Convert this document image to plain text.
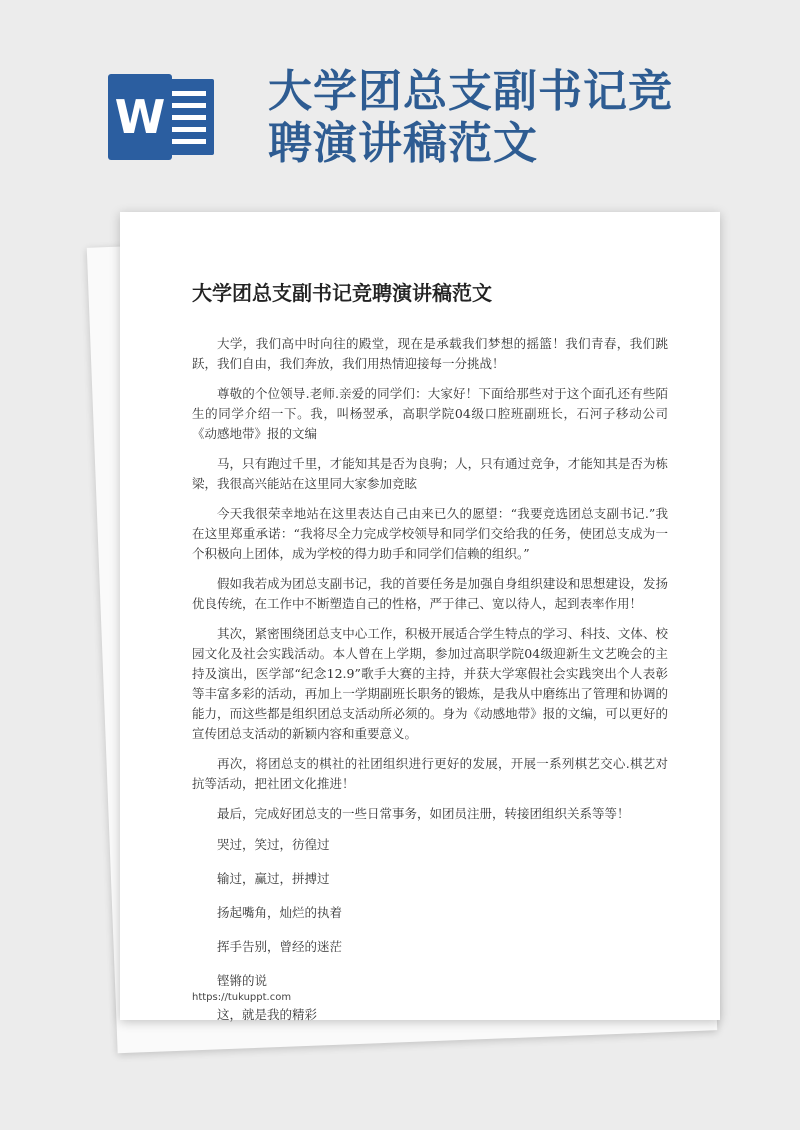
W 大学团总支副书记竞聘演讲稿范文
大学团总支副书记竞聘演讲稿范文

大学，我们高中时向往的殿堂，现在是承载我们梦想的摇篮！我们青春，我们跳跃，我们自由，我们奔放，我们用热情迎接每一分挑战！

尊敬的个位领导.老师.亲爱的同学们：大家好！下面给那些对于这个面孔还有些陌生的同学介绍一下。我，叫杨翌承，高职学院04级口腔班副班长，石河子移动公司《动感地带》报的文编

马，只有跑过千里，才能知其是否为良驹；人，只有通过竞争，才能知其是否为栋梁，我很高兴能站在这里同大家参加竞眩

今天我很荣幸地站在这里表达自己由来已久的愿望：“我要竞选团总支副书记.”我在这里郑重承诺：“我将尽全力完成学校领导和同学们交给我的任务，使团总支成为一个积极向上团体，成为学校的得力助手和同学们信赖的组织。”

假如我若成为团总支副书记，我的首要任务是加强自身组织建设和思想建设，发扬优良传统，在工作中不断塑造自己的性格，严于律己、宽以待人，起到表率作用！

其次，紧密围绕团总支中心工作，积极开展适合学生特点的学习、科技、文体、校园文化及社会实践活动。本人曾在上学期，参加过高职学院04级迎新生文艺晚会的主持及演出，医学部“纪念12.9”歌手大赛的主持，并获大学寒假社会实践突出个人表彰等丰富多彩的活动，再加上一学期副班长职务的锻炼，是我从中磨练出了管理和协调的能力，而这些都是组织团总支活动所必须的。身为《动感地带》报的文编，可以更好的宣传团总支活动的新颖内容和重要意义。

再次，将团总支的棋社的社团组织进行更好的发展，开展一系列棋艺交心.棋艺对抗等活动，把社团文化推进！

最后，完成好团总支的一些日常事务，如团员注册，转接团组织关系等等！

哭过，笑过，彷徨过

输过，赢过，拼搏过

扬起嘴角，灿烂的执着

挥手告别，曾经的迷茫

铿锵的说

这，就是我的精彩

https://tukuppt.com
